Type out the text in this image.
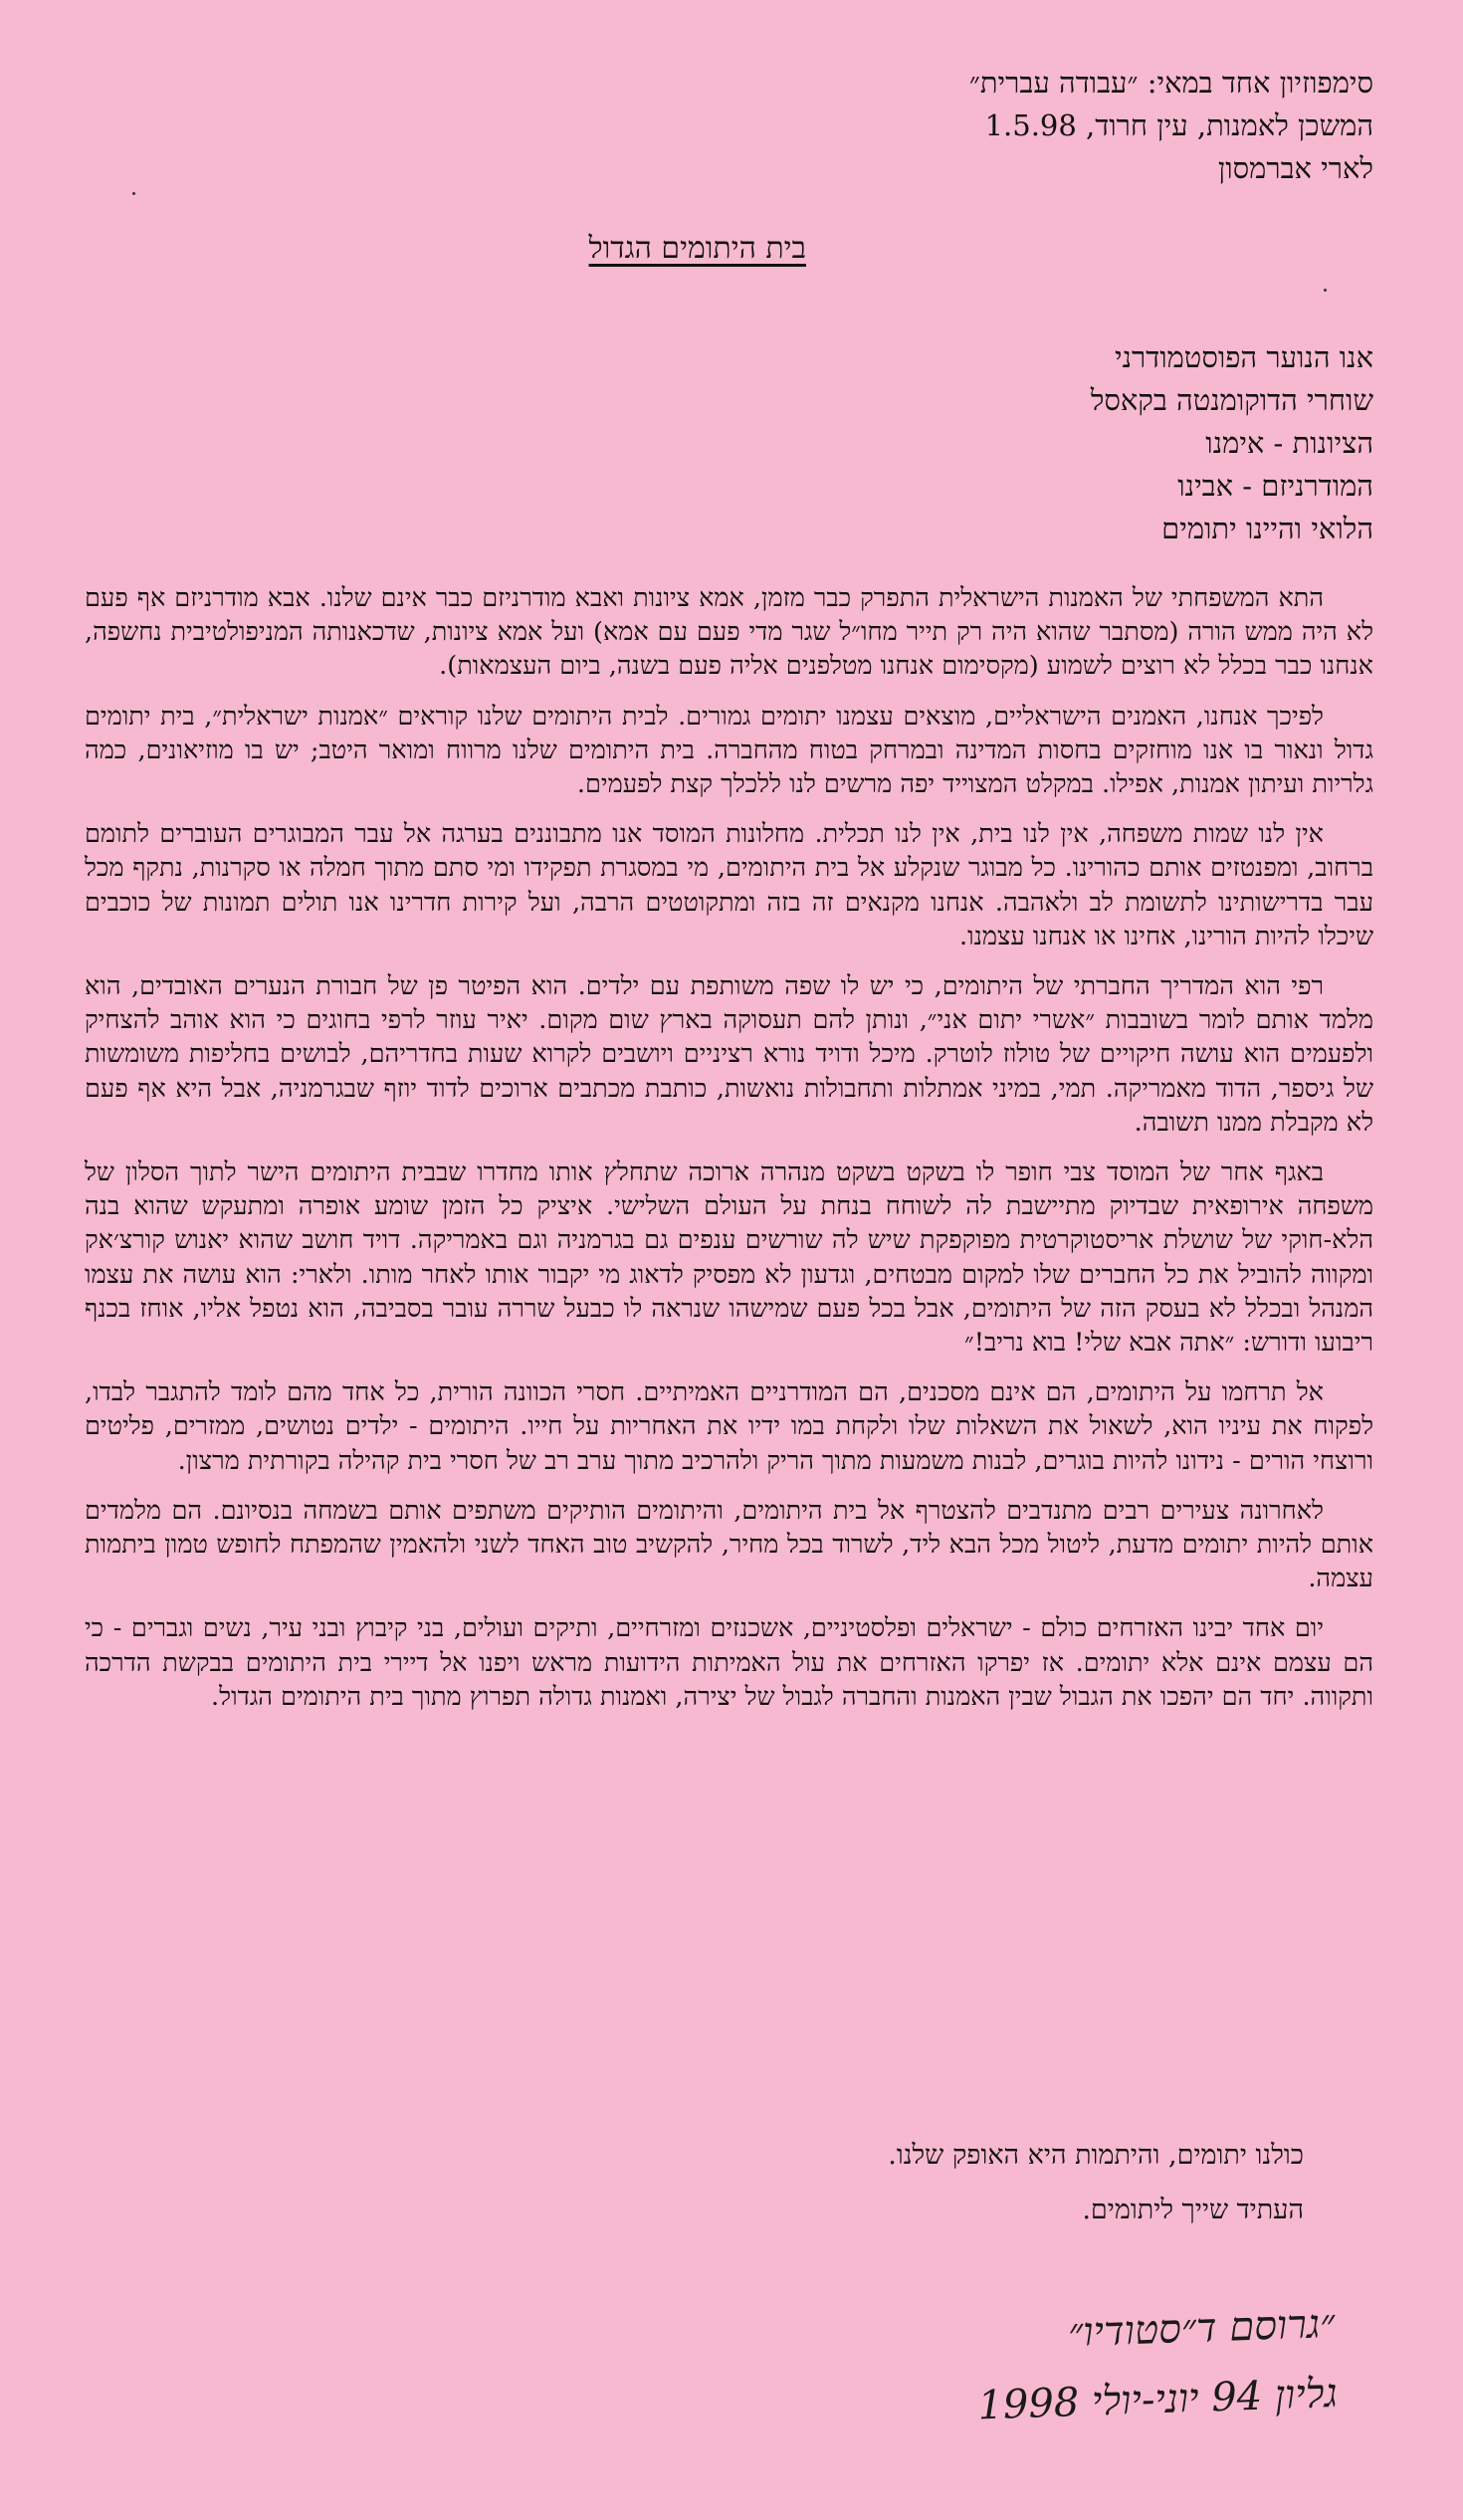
סימפוזיון אחד במאי: ״עבודה עברית״
המשכן לאמנות, עין חרוד, 1.5.98
לארי אברמסון
בית היתומים הגדול
אנו הנוער הפוסטמודרני
שוחרי הדוקומנטה בקאסל
הציונות - אימנו
המודרניזם - אבינו
הלואי והיינו יתומים

התא המשפחתי של האמנות הישראלית התפרק כבר מזמן, אמא ציונות ואבא מודרניזם כבר אינם שלנו. אבא מודרניזם אף פעם לא היה ממש הורה (מסתבר שהוא היה רק תייר מחו״ל שגר מדי פעם עם אמא) ועל אמא ציונות, שדכאנותה המניפולטיבית נחשפה, אנחנו כבר בכלל לא רוצים לשמוע (מקסימום אנחנו מטלפנים אליה פעם בשנה, ביום העצמאות).

לפיכך אנחנו, האמנים הישראליים, מוצאים עצמנו יתומים גמורים. לבית היתומים שלנו קוראים ״אמנות ישראלית״, בית יתומים גדול ונאור בו אנו מוחזקים בחסות המדינה ובמרחק בטוח מהחברה. בית היתומים שלנו מרווח ומואר היטב; יש בו מוזיאונים, כמה גלריות ועיתון אמנות, אפילו. במקלט המצוייד יפה מרשים לנו ללכלך קצת לפעמים.

אין לנו שמות משפחה, אין לנו בית, אין לנו תכלית. מחלונות המוסד אנו מתבוננים בערגה אל עבר המבוגרים העוברים לתומם ברחוב, ומפנטזים אותם כהורינו. כל מבוגר שנקלע אל בית היתומים, מי במסגרת תפקידו ומי סתם מתוך חמלה או סקרנות, נתקף מכל עבר בדרישותינו לתשומת לב ולאהבה. אנחנו מקנאים זה בזה ומתקוטטים הרבה, ועל קירות חדרינו אנו תולים תמונות של כוכבים שיכלו להיות הורינו, אחינו או אנחנו עצמנו.

רפי הוא המדריך החברתי של היתומים, כי יש לו שפה משותפת עם ילדים. הוא הפיטר פן של חבורת הנערים האובדים, הוא מלמד אותם לומר בשובבות ״אשרי יתום אני״, ונותן להם תעסוקה בארץ שום מקום. יאיר עוזר לרפי בחוגים כי הוא אוהב להצחיק ולפעמים הוא עושה חיקויים של טולוז לוטרק. מיכל ודויד נורא רציניים ויושבים לקרוא שעות בחדריהם, לבושים בחליפות משומשות של גיספר, הדוד מאמריקה. תמי, במיני אמתלות ותחבולות נואשות, כותבת מכתבים ארוכים לדוד יוזף שבגרמניה, אבל היא אף פעם לא מקבלת ממנו תשובה.

באגף אחר של המוסד צבי חופר לו בשקט בשקט מנהרה ארוכה שתחלץ אותו מחדרו שבבית היתומים הישר לתוך הסלון של משפחה אירופאית שבדיוק מתיישבת לה לשוחח בנחת על העולם השלישי. איציק כל הזמן שומע אופרה ומתעקש שהוא בנה הלא-חוקי של שושלת אריסטוקרטית מפוקפקת שיש לה שורשים ענפים גם בגרמניה וגם באמריקה. דויד חושב שהוא יאנוש קורצ׳אק ומקווה להוביל את כל החברים שלו למקום מבטחים, וגדעון לא מפסיק לדאוג מי יקבור אותו לאחר מותו. ולארי: הוא עושה את עצמו המנהל ובכלל לא בעסק הזה של היתומים, אבל בכל פעם שמישהו שנראה לו כבעל שררה עובר בסביבה, הוא נטפל אליו, אוחז בכנף ריבועו ודורש: ״אתה אבא שלי! בוא נריב!״

אל תרחמו על היתומים, הם אינם מסכנים, הם המודרניים האמיתיים. חסרי הכוונה הורית, כל אחד מהם לומד להתגבר לבדו, לפקוח את עיניו הוא, לשאול את השאלות שלו ולקחת במו ידיו את האחריות על חייו. היתומים - ילדים נטושים, ממזרים, פליטים ורוצחי הורים - נידונו להיות בוגרים, לבנות משמעות מתוך הריק ולהרכיב מתוך ערב רב של חסרי בית קהילה בקורתית מרצון.

לאחרונה צעירים רבים מתנדבים להצטרף אל בית היתומים, והיתומים הותיקים משתפים אותם בשמחה בנסיונם. הם מלמדים אותם להיות יתומים מדעת, ליטול מכל הבא ליד, לשרוד בכל מחיר, להקשיב טוב האחד לשני ולהאמין שהמפתח לחופש טמון ביתמות עצמה.

יום אחד יבינו האזרחים כולם - ישראלים ופלסטיניים, אשכנזים ומזרחיים, ותיקים ועולים, בני קיבוץ ובני עיר, נשים וגברים - כי הם עצמם אינם אלא יתומים. אז יפרקו האזרחים את עול האמיתות הידועות מראש ויפנו אל דיירי בית היתומים בבקשת הדרכה ותקווה. יחד הם יהפכו את הגבול שבין האמנות והחברה לגבול של יצירה, ואמנות גדולה תפרוץ מתוך בית היתומים הגדול.

כולנו יתומים, והיתמות היא האופק שלנו.
העתיד שייך ליתומים.
״גרוסם ד״סטודיו״
גליון 94 יוני-יולי 1998
